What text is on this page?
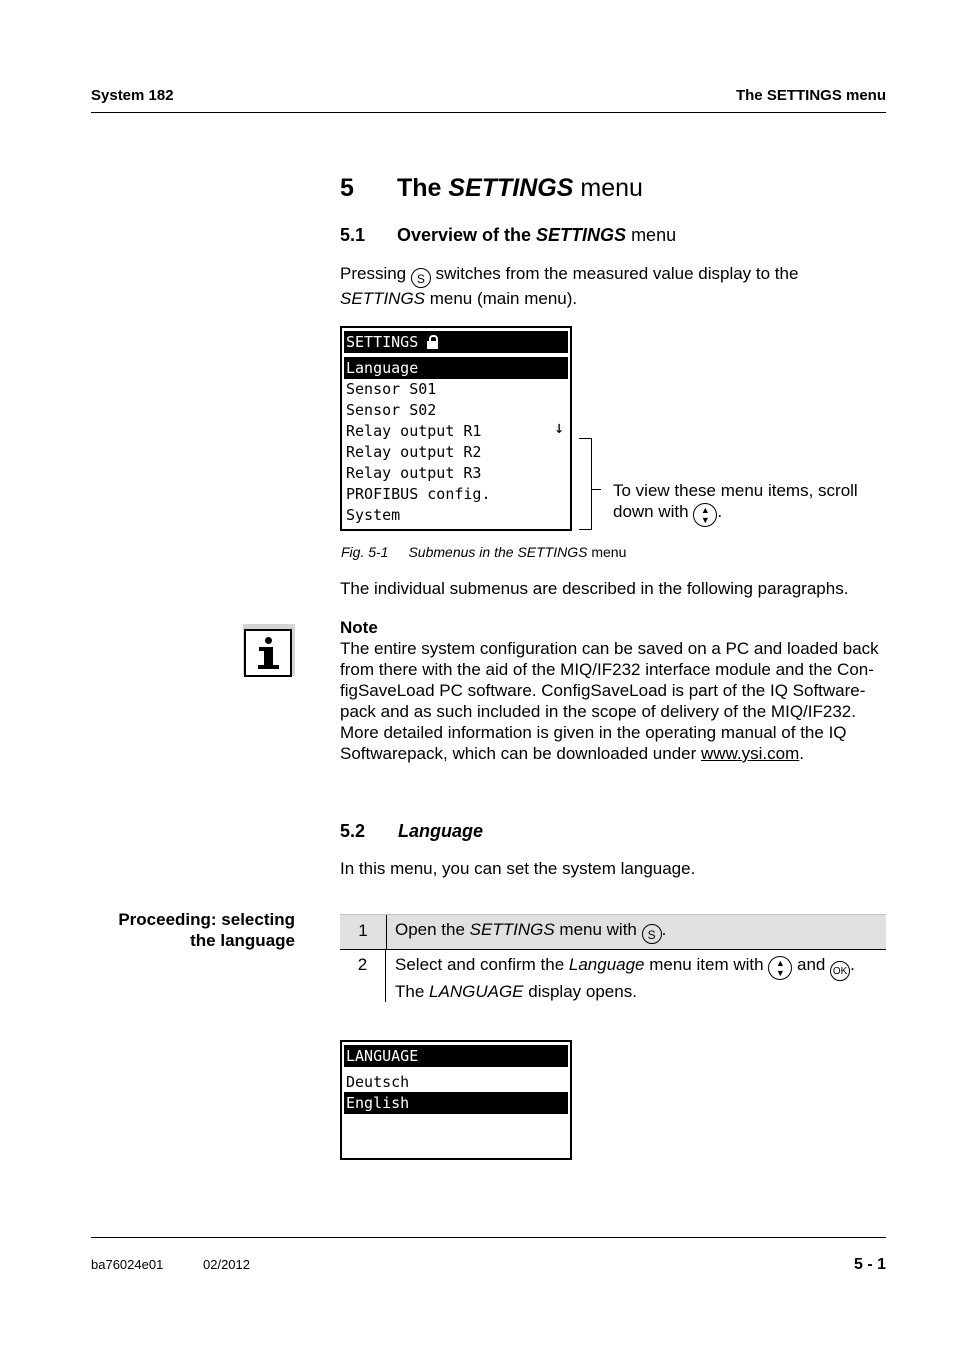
System 182	The SETTINGS menu
5 The SETTINGS menu
5.1 Overview of the SETTINGS menu
Pressing S switches from the measured value display to the
SETTINGS menu (main menu).
SETTINGS
Language
Sensor S01
Sensor S02
Relay output R1	↓
Relay output R2
Relay output R3
PROFIBUS config.
System
To view these menu items, scroll
down with ▲
▼ .
Fig. 5-1 Submenus in the SETTINGS menu
The individual submenus are described in the following paragraphs.
Note
The entire system configuration can be saved on a PC and loaded back
from there with the aid of the MIQ/IF232 interface module and the Con-
figSaveLoad PC software. ConfigSaveLoad is part of the IQ Software-
pack and as such included in the scope of delivery of the MIQ/IF232.
More detailed information is given in the operating manual of the IQ
Softwarepack, which can be downloaded under www.ysi.com.
5.2 Language
In this menu, you can set the system language.
Proceeding: selecting
the language
1	Open the SETTINGS menu with S .
2	Select and confirm the Language menu item with ▲
▼ and OK .
The LANGUAGE display opens.
LANGUAGE
Deutsch
English
ba76024e01	02/2012	5 - 1
